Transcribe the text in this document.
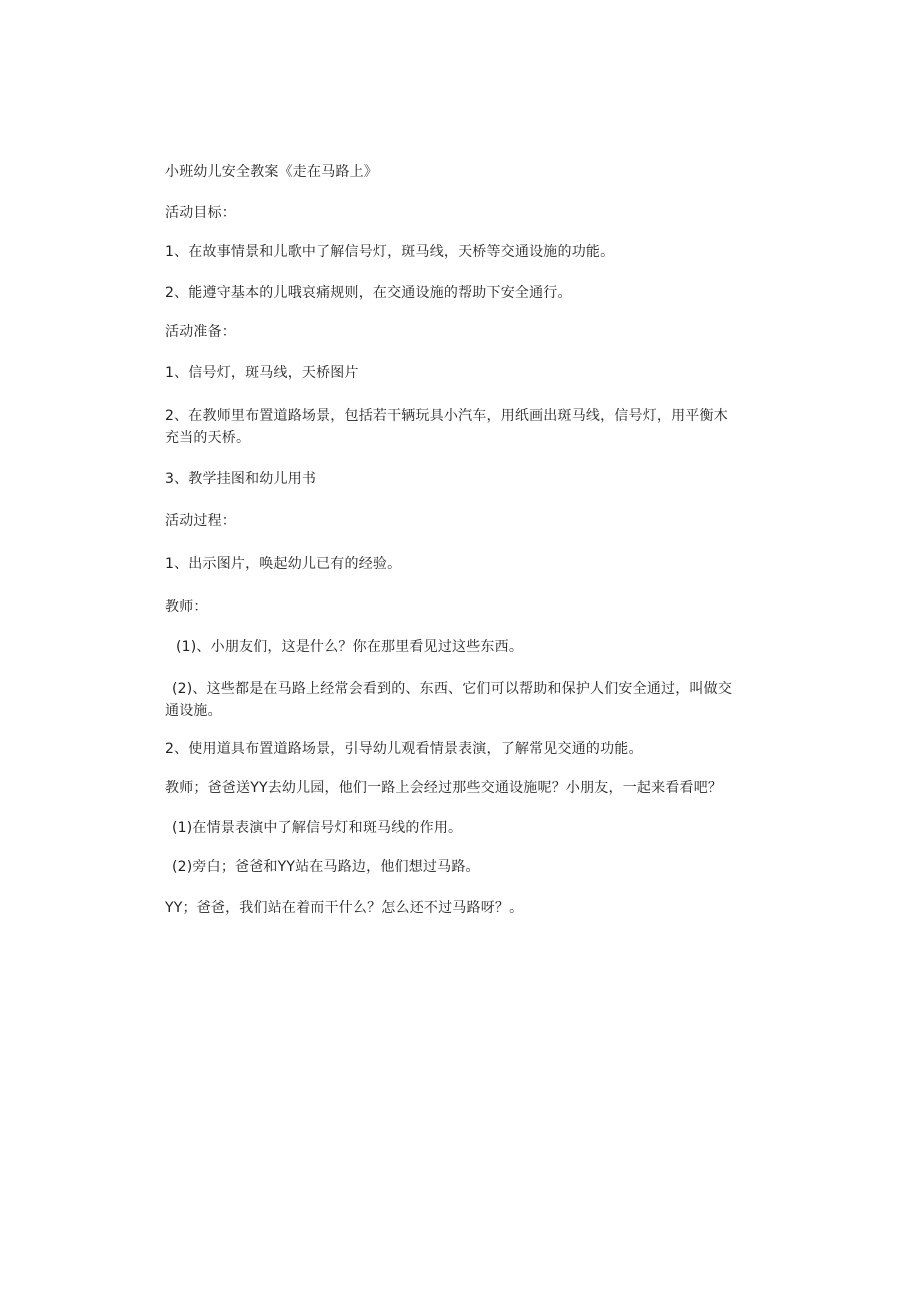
小班幼儿安全教案《走在马路上》
活动目标：
1、在故事情景和儿歌中了解信号灯，斑马线，天桥等交通设施的功能。
2、能遵守基本的儿哦哀痛规则，在交通设施的帮助下安全通行。
活动准备：
1、信号灯，斑马线，天桥图片
2、在教师里布置道路场景，包括若干辆玩具小汽车，用纸画出斑马线，信号灯，用平衡木
充当的天桥。
3、教学挂图和幼儿用书
活动过程：
1、出示图片，唤起幼儿已有的经验。
教师：
(1)、小朋友们，这是什么？你在那里看见过这些东西。
(2)、这些都是在马路上经常会看到的、东西、它们可以帮助和保护人们安全通过，叫做交
通设施。
2、使用道具布置道路场景，引导幼儿观看情景表演，了解常见交通的功能。
教师；爸爸送YY去幼儿园，他们一路上会经过那些交通设施呢？小朋友，一起来看看吧？
(1)在情景表演中了解信号灯和斑马线的作用。
(2)旁白；爸爸和YY站在马路边，他们想过马路。
YY；爸爸，我们站在着而干什么？怎么还不过马路呀？。
